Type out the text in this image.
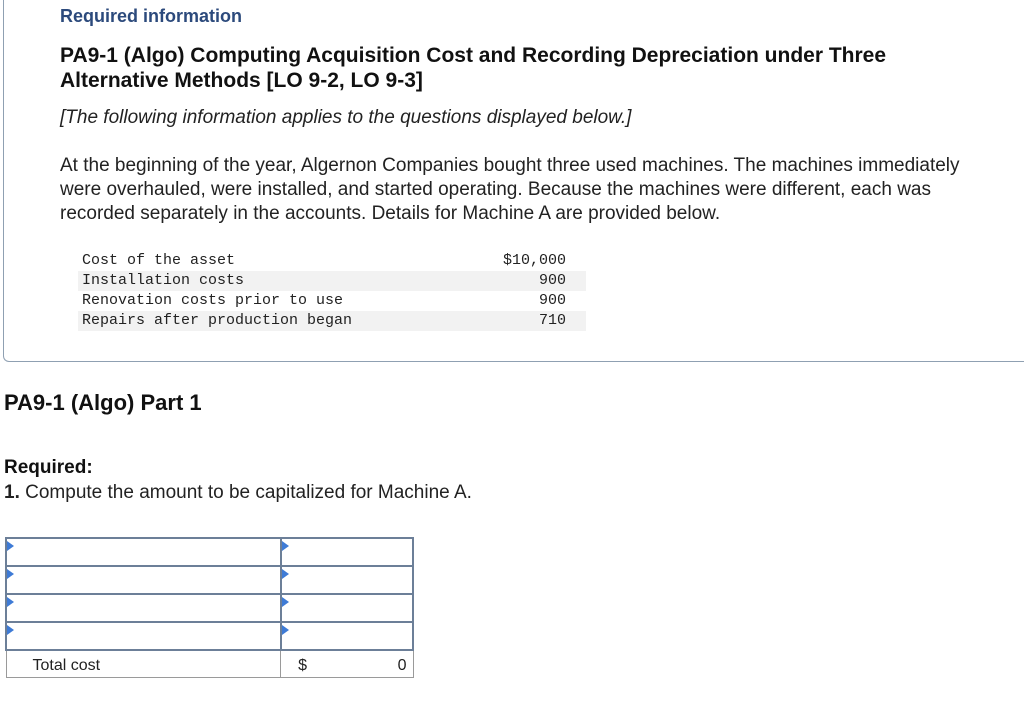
Required information
PA9-1 (Algo) Computing Acquisition Cost and Recording Depreciation under Three Alternative Methods [LO 9-2, LO 9-3]
[The following information applies to the questions displayed below.]
At the beginning of the year, Algernon Companies bought three used machines. The machines immediately were overhauled, were installed, and started operating. Because the machines were different, each was recorded separately in the accounts. Details for Machine A are provided below.
Cost of the asset	$10,000
Installation costs	900
Renovation costs prior to use	900
Repairs after production began	710
PA9-1 (Algo) Part 1
Required:
1. Compute the amount to be capitalized for Machine A.

Total cost	$ 0
